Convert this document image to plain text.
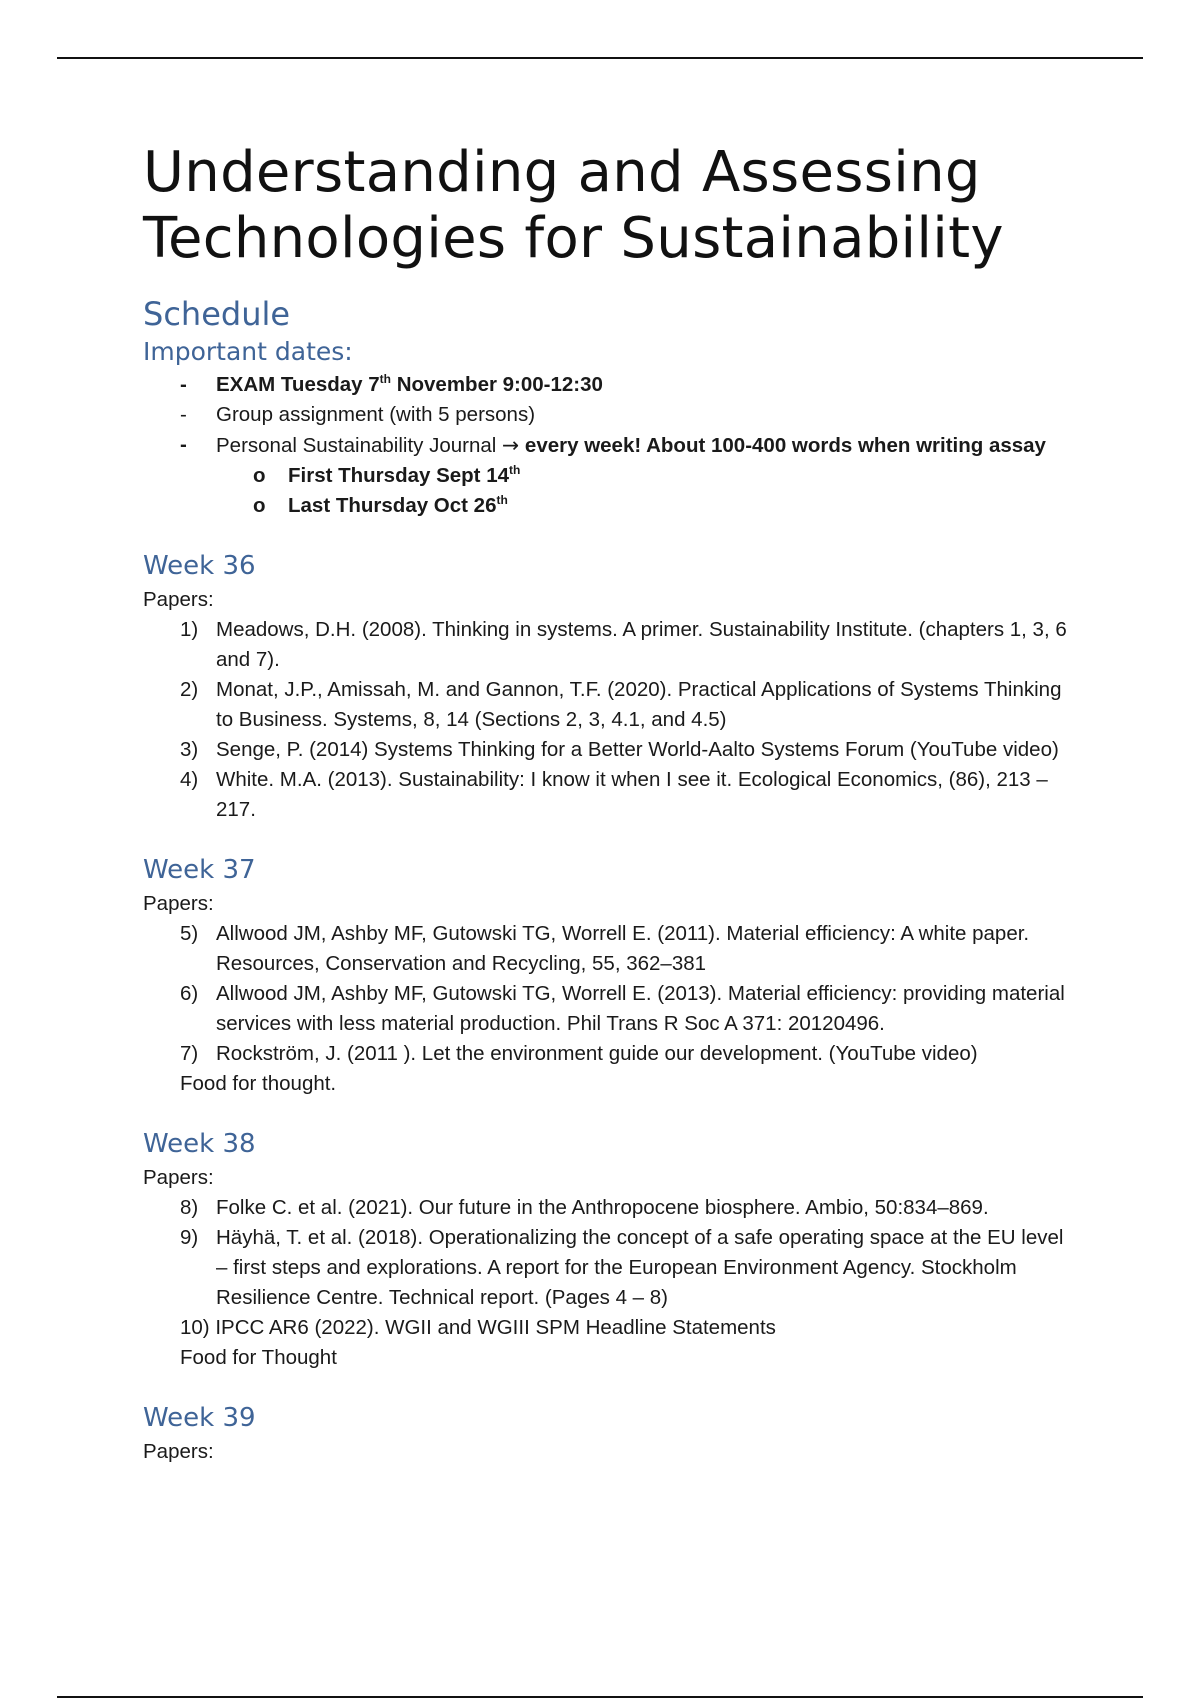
Understanding and Assessing
Technologies for Sustainability
Schedule
Important dates:
- EXAM Tuesday 7th November 9:00-12:30
- Group assignment (with 5 persons)
- Personal Sustainability Journal → every week! About 100-400 words when writing assay
o First Thursday Sept 14th
o Last Thursday Oct 26th
Week 36

Papers:

1) Meadows, D.H. (2008). Thinking in systems. A primer. Sustainability Institute. (chapters 1, 3, 6 and 7).
2) Monat, J.P., Amissah, M. and Gannon, T.F. (2020). Practical Applications of Systems Thinking to Business. Systems, 8, 14 (Sections 2, 3, 4.1, and 4.5)
3) Senge, P. (2014) Systems Thinking for a Better World-Aalto Systems Forum (YouTube video)
4) White. M.A. (2013). Sustainability: I know it when I see it. Ecological Economics, (86), 213 – 217.
Week 37

Papers:

5) Allwood JM, Ashby MF, Gutowski TG, Worrell E. (2011). Material efficiency: A white paper. Resources, Conservation and Recycling, 55, 362–381
6) Allwood JM, Ashby MF, Gutowski TG, Worrell E. (2013). Material efficiency: providing material services with less material production. Phil Trans R Soc A 371: 20120496.
7) Rockström, J. (2011 ). Let the environment guide our development. (YouTube video)

Food for thought.

Week 38

Papers:

8) Folke C. et al. (2021). Our future in the Anthropocene biosphere. Ambio, 50:834–869.
9) Häyhä, T. et al. (2018). Operationalizing the concept of a safe operating space at the EU level – first steps and explorations. A report for the European Environment Agency. Stockholm Resilience Centre. Technical report. (Pages 4 – 8)
10) IPCC AR6 (2022). WGII and WGIII SPM Headline Statements

Food for Thought

Week 39

Papers:
